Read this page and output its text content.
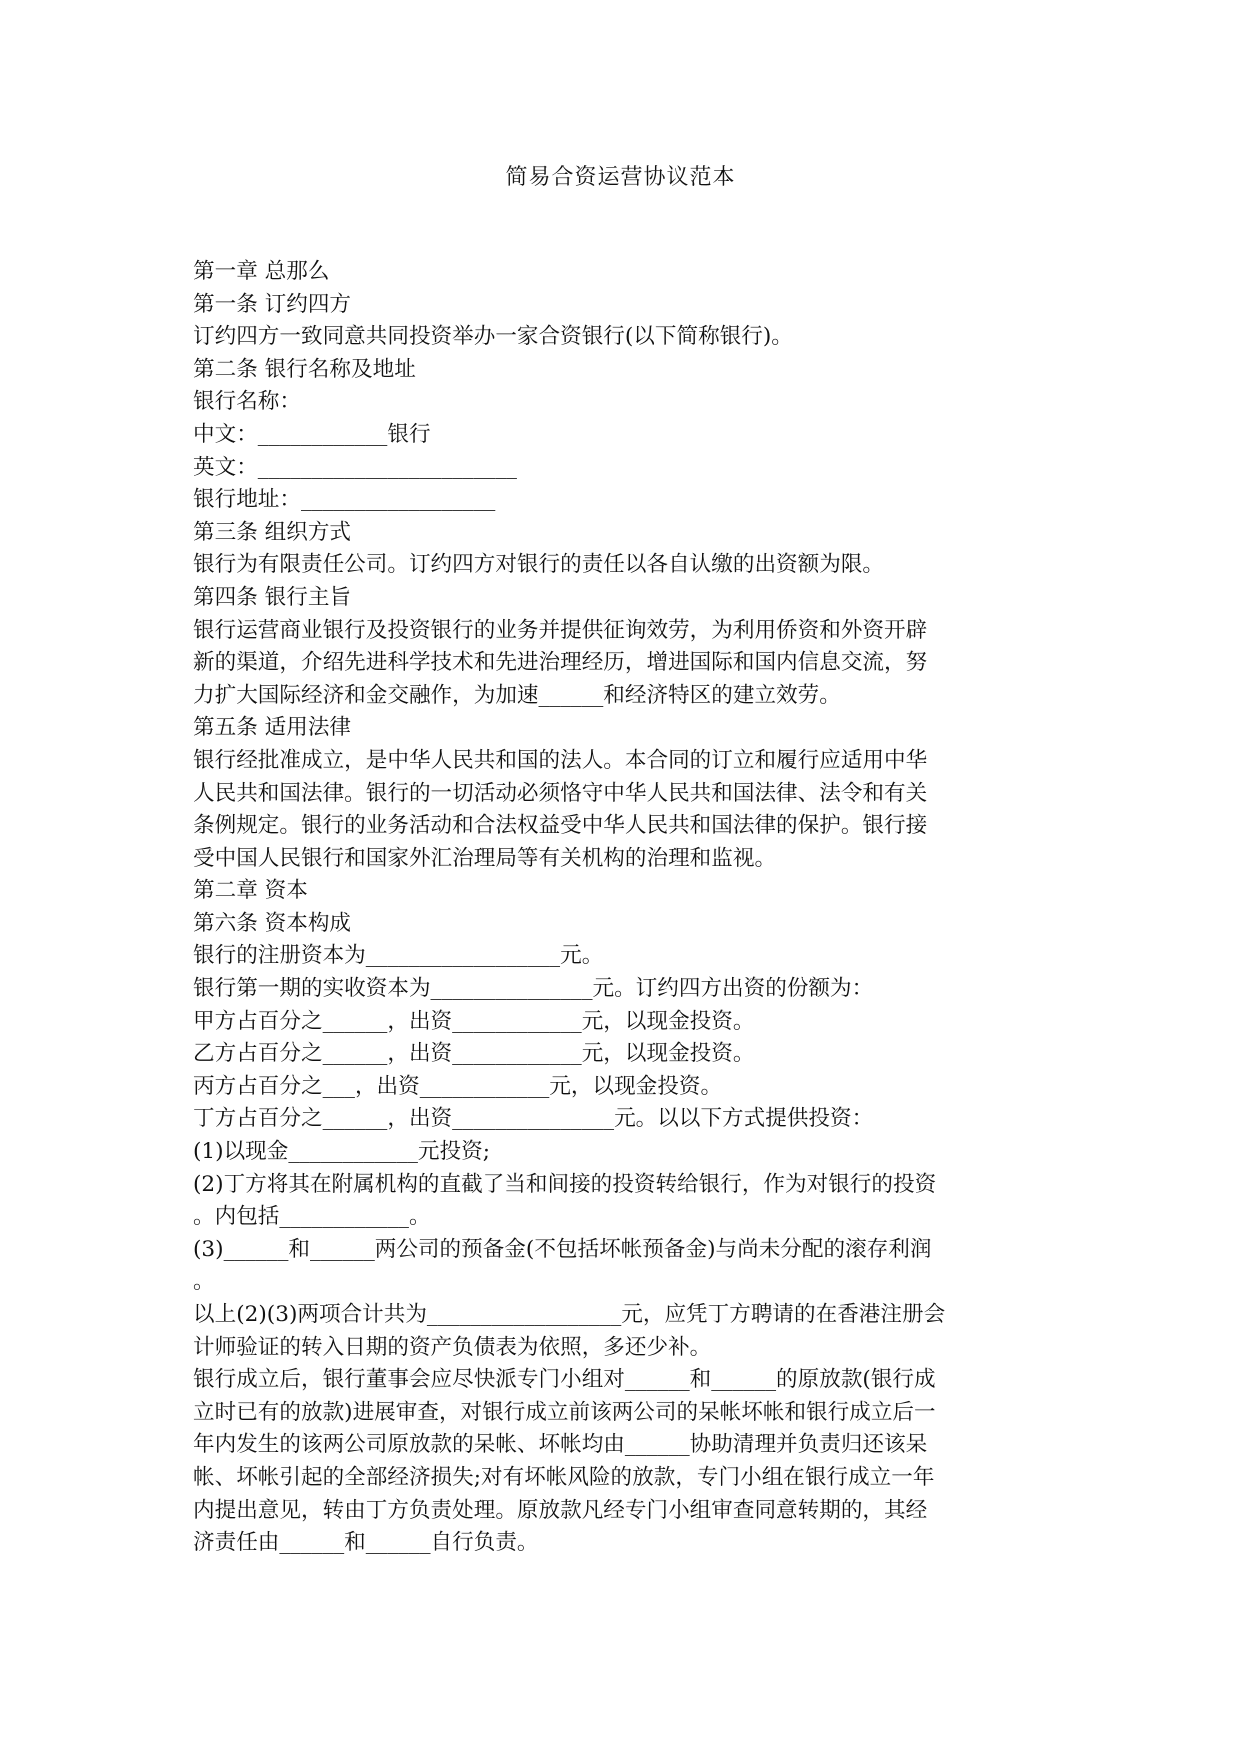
简易合资运营协议范本
第一章 总那么
第一条 订约四方
订约四方一致同意共同投资举办一家合资银行(以下简称银行)。
第二条 银行名称及地址
银行名称：
中文：____________银行
英文：________________________
银行地址：__________________
第三条 组织方式
银行为有限责任公司。订约四方对银行的责任以各自认缴的出资额为限。
第四条 银行主旨
银行运营商业银行及投资银行的业务并提供征询效劳，为利用侨资和外资开辟
新的渠道，介绍先进科学技术和先进治理经历，增进国际和国内信息交流，努
力扩大国际经济和金交融作，为加速______和经济特区的建立效劳。
第五条 适用法律
银行经批准成立，是中华人民共和国的法人。本合同的订立和履行应适用中华
人民共和国法律。银行的一切活动必须恪守中华人民共和国法律、法令和有关
条例规定。银行的业务活动和合法权益受中华人民共和国法律的保护。银行接
受中国人民银行和国家外汇治理局等有关机构的治理和监视。
第二章 资本
第六条 资本构成
银行的注册资本为__________________元。
银行第一期的实收资本为_______________元。订约四方出资的份额为：
甲方占百分之______，出资____________元，以现金投资。
乙方占百分之______，出资____________元，以现金投资。
丙方占百分之___，出资____________元，以现金投资。
丁方占百分之______，出资_______________元。以以下方式提供投资：
(1)以现金____________元投资;
(2)丁方将其在附属机构的直截了当和间接的投资转给银行，作为对银行的投资
。内包括____________。
(3)______和______两公司的预备金(不包括坏帐预备金)与尚未分配的滚存利润
。
以上(2)(3)两项合计共为__________________元，应凭丁方聘请的在香港注册会
计师验证的转入日期的资产负债表为依照，多还少补。
银行成立后，银行董事会应尽快派专门小组对______和______的原放款(银行成
立时已有的放款)进展审查，对银行成立前该两公司的呆帐坏帐和银行成立后一
年内发生的该两公司原放款的呆帐、坏帐均由______协助清理并负责归还该呆
帐、坏帐引起的全部经济损失;对有坏帐风险的放款，专门小组在银行成立一年
内提出意见，转由丁方负责处理。原放款凡经专门小组审查同意转期的，其经
济责任由______和______自行负责。
